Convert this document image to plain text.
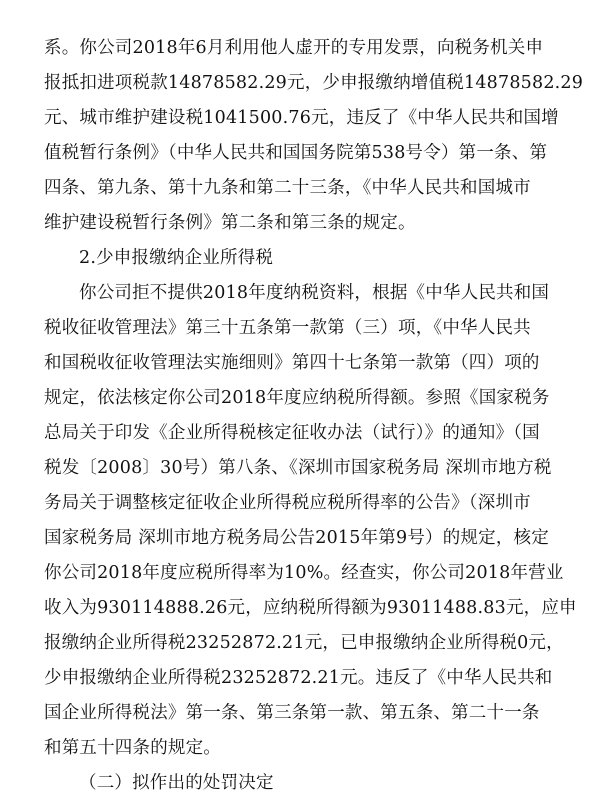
系。你公司2018年6月利用他人虚开的专用发票，向税务机关申
报抵扣进项税款14878582.29元，少申报缴纳增值税14878582.29
元、城市维护建设税1041500.76元，违反了《中华人民共和国增
值税暂行条例》（中华人民共和国国务院第538号令）第一条、第
四条、第九条、第十九条和第二十三条，《中华人民共和国城市
维护建设税暂行条例》第二条和第三条的规定。
2.少申报缴纳企业所得税
你公司拒不提供2018年度纳税资料，根据《中华人民共和国
税收征收管理法》第三十五条第一款第（三）项，《中华人民共
和国税收征收管理法实施细则》第四十七条第一款第（四）项的
规定，依法核定你公司2018年度应纳税所得额。参照《国家税务
总局关于印发《企业所得税核定征收办法（试行）》的通知》（国
税发〔2008〕30号）第八条、《深圳市国家税务局 深圳市地方税
务局关于调整核定征收企业所得税应税所得率的公告》（深圳市
国家税务局 深圳市地方税务局公告2015年第9号）的规定，核定
你公司2018年度应税所得率为10%。经查实，你公司2018年营业
收入为930114888.26元，应纳税所得额为93011488.83元，应申
报缴纳企业所得税23252872.21元，已申报缴纳企业所得税0元，
少申报缴纳企业所得税23252872.21元。违反了《中华人民共和
国企业所得税法》第一条、第三条第一款、第五条、第二十一条
和第五十四条的规定。
（二）拟作出的处罚决定
